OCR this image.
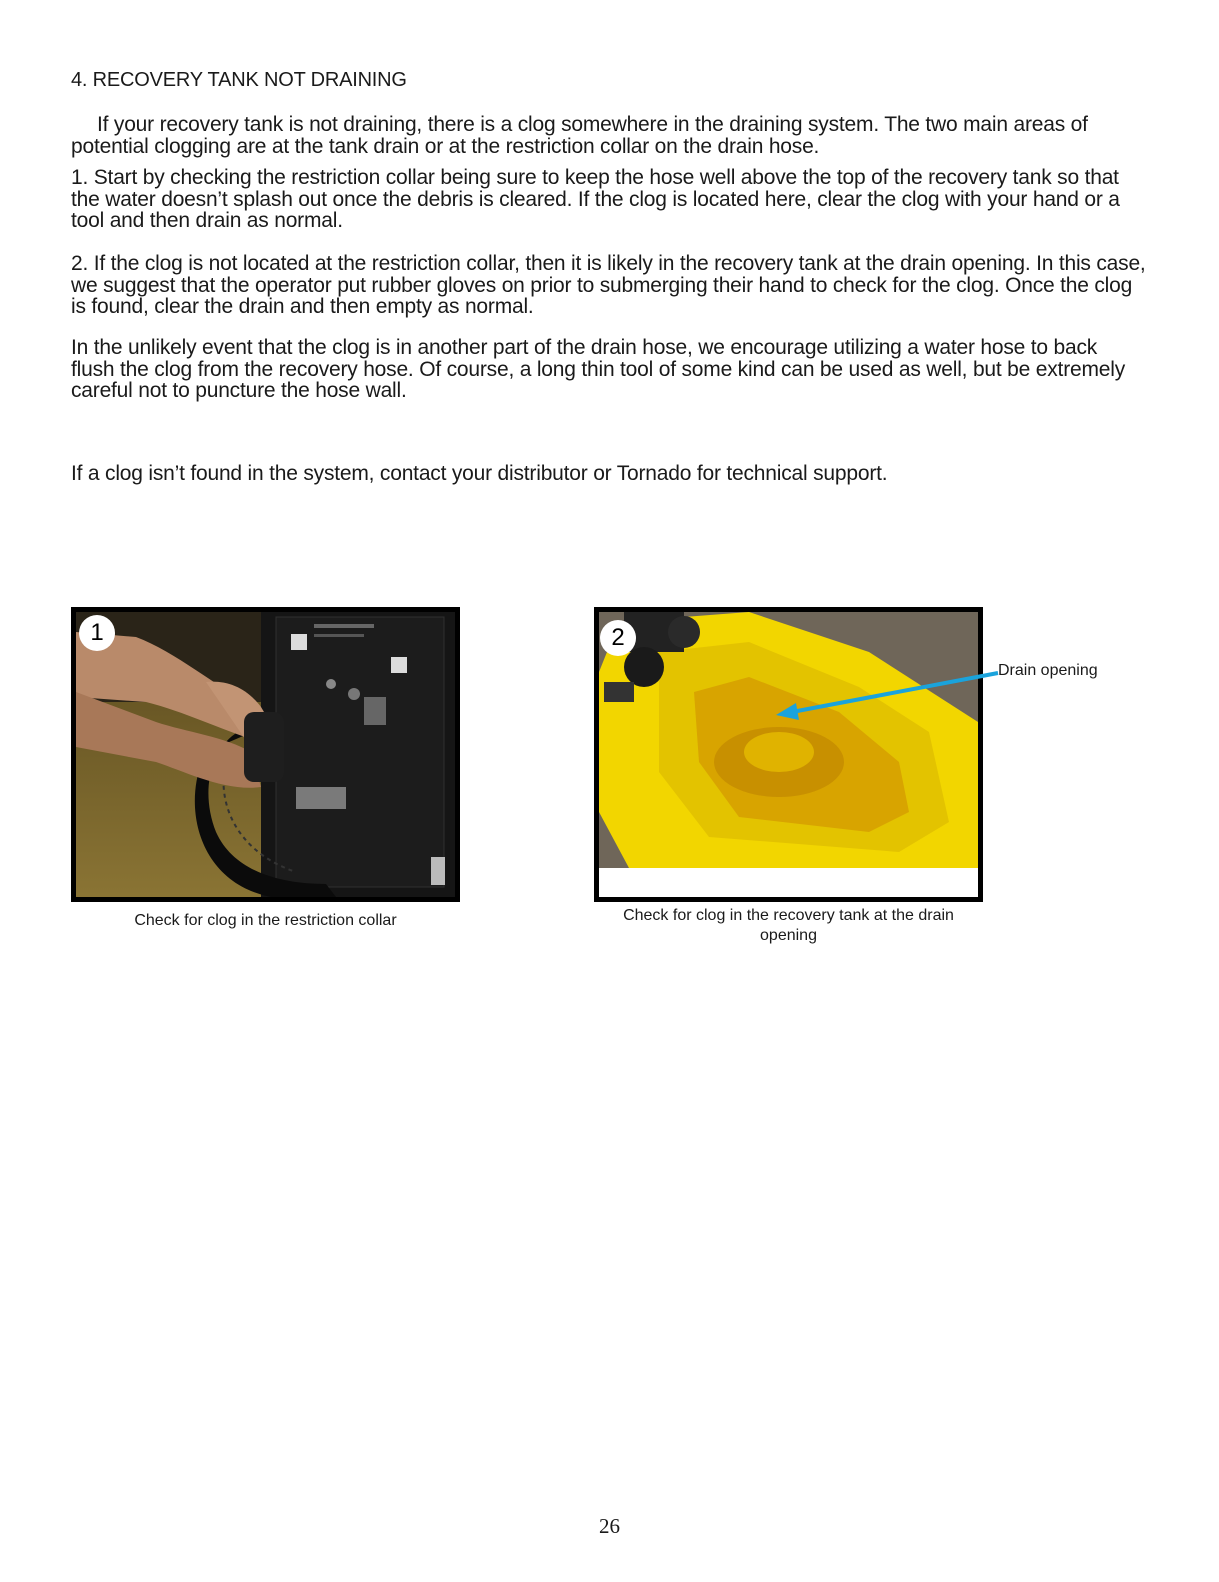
4. RECOVERY TANK NOT DRAINING

If your recovery tank is not draining, there is a clog somewhere in the draining system. The two main areas of potential clogging are at the tank drain or at the restriction collar on the drain hose.

1. Start by checking the restriction collar being sure to keep the hose well above the top of the recovery tank so that the water doesn’t splash out once the debris is cleared. If the clog is located here, clear the clog with your hand or a tool and then drain as normal.

2. If the clog is not located at the restriction collar, then it is likely in the recovery tank at the drain opening. In this case, we suggest that the operator put rubber gloves on prior to submerging their hand to check for the clog. Once the clog is found, clear the drain and then empty as normal.

In the unlikely event that the clog is in another part of the drain hose, we encourage utilizing a water hose to back flush the clog from the recovery hose. Of course, a long thin tool of some kind can be used as well, but be extremely careful not to puncture the hose wall.

If a clog isn’t found in the system, contact your distributor or Tornado for technical support.

1

Check for clog in the restriction collar

2

Check for clog in the recovery tank at the drain opening

Drain opening

26
